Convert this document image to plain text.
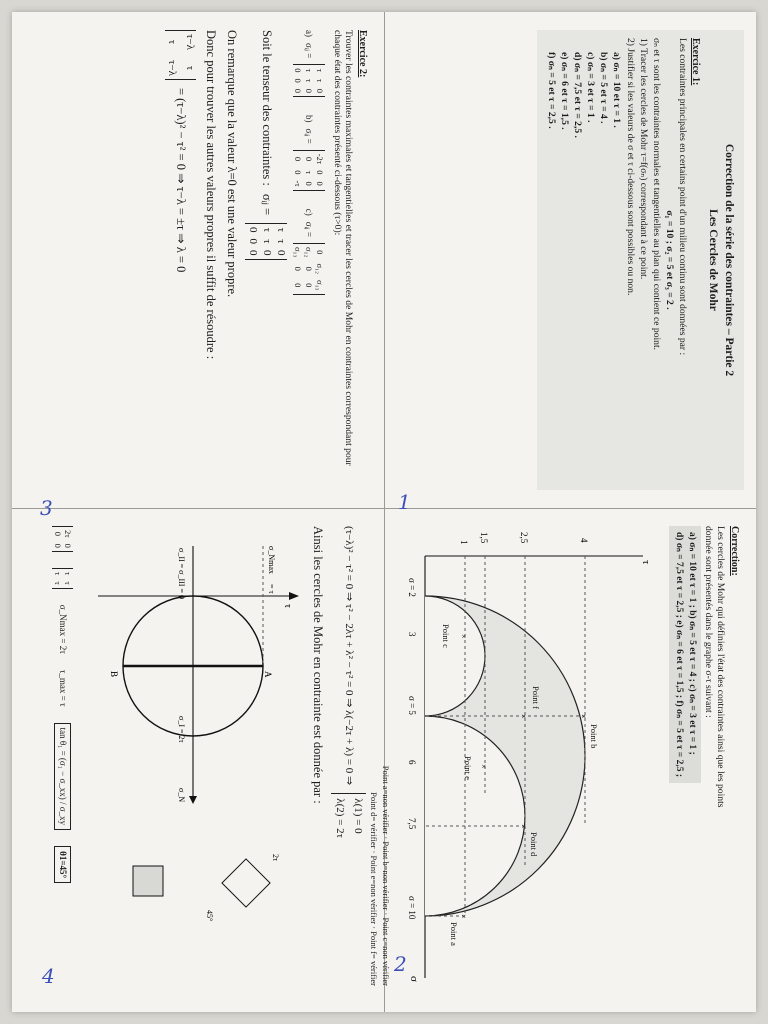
1
2
3
4
Correction de la série des contraintes – Partie 2
Les Cercles de Mohr
Exercice 1:
Les contraintes principales en certains point d'un milieu continu sont données par :
σ₁ = 10 ; σ₂ = 5 et σ₃ = 2 .
σₙ et τ sont les contraintes normales et tangentielles au plan qui contient ce point.
1) Tracer les cercles de Mohr τ=f(σₙ) correspondant à ce point.
2) Justifier si les valeurs de σ et τ ci-dessous sont possibles ou non.
a) σₙ = 10 et τ = 1 .
b) σₙ = 5 et τ = 4 .
c) σₙ = 3 et τ = 1 .
d) σₙ = 7,5 et τ = 2,5 .
e) σₙ = 6 et τ = 1,5 .
f) σₙ = 5 et τ = 2,5 .
Exercice 2:
Trouver les contraintes maximales et tangentielles et tracer les cercles de Mohr en contraintes correspondant pour chaque état des contraintes présenté ci-dessous (τ>0):
a)
σᵢⱼ =
τ
τ
0
τ
τ
0
0
0
0
b)
σᵢⱼ =
-2τ
0
0
0
τ
0
0
0
-τ
c)
σᵢⱼ =
0
σ₁₂
σ₁₃
σ₁₂
0
0
σ₁₃
0
0
Soit le tenseur des contraintes :
σᵢⱼ =
τ
τ
0
τ
τ
0
0
0
0
On remarque que la valeur λ=0 est une valeur propre.
Donc pour trouver les autres valeurs propres il suffit de résoudre :
τ−λ
τ
τ
τ−λ
= (τ−λ)² − τ² = 0 ⇒ τ−λ = ±τ ⇒ λ = 0
Correction:
Les cercles de Mohr qui définies l'état des contraintes ainsi que les points
donnée sont présentés dans le graphe σ-τ suivant :
a) σₙ = 10 et τ = 1 ; b) σₙ = 5 et τ = 4 ; c) σₙ = 3 et τ = 1 ;
d) σₙ = 7,5 et τ = 2,5 ; e) σₙ = 6 et τ = 1,5 ; f) σₙ = 5 et τ = 2,5 ;
τ
σ
4
2,5
1,5
1
σ = 2
3
σ = 5
6
7,5
σ = 10	×
Point a
×
Point b
×
Point c
×
Point d
×
Point e
×
Point f
Point a=non vérifier · Point b=non vérifier · Point c=non vérifier
Point d= vérifier · Point e=non vérifier · Point f= vérifier
(τ−λ)² − τ² = 0 ⇒ τ² − 2λτ + λ² − τ² = 0 ⇒ λ(−2τ + λ) = 0 ⇒
λ(1) = 0
λ(2) = 2τ
Ainsi les cercles de Mohr en contrainte est donnée par :
τ
σ_Nmax
= τ
A
B
σ_II = σ_III = 0
σ_I = 2τ
σ_N
2τ
45°
2τ
0
0
0
τ
τ
τ
τ
σ_Nmax = 2τ
τ_max = τ
tan θ₁ = (σ₁ − σ_xx) / σ_xy
θ1=45°
